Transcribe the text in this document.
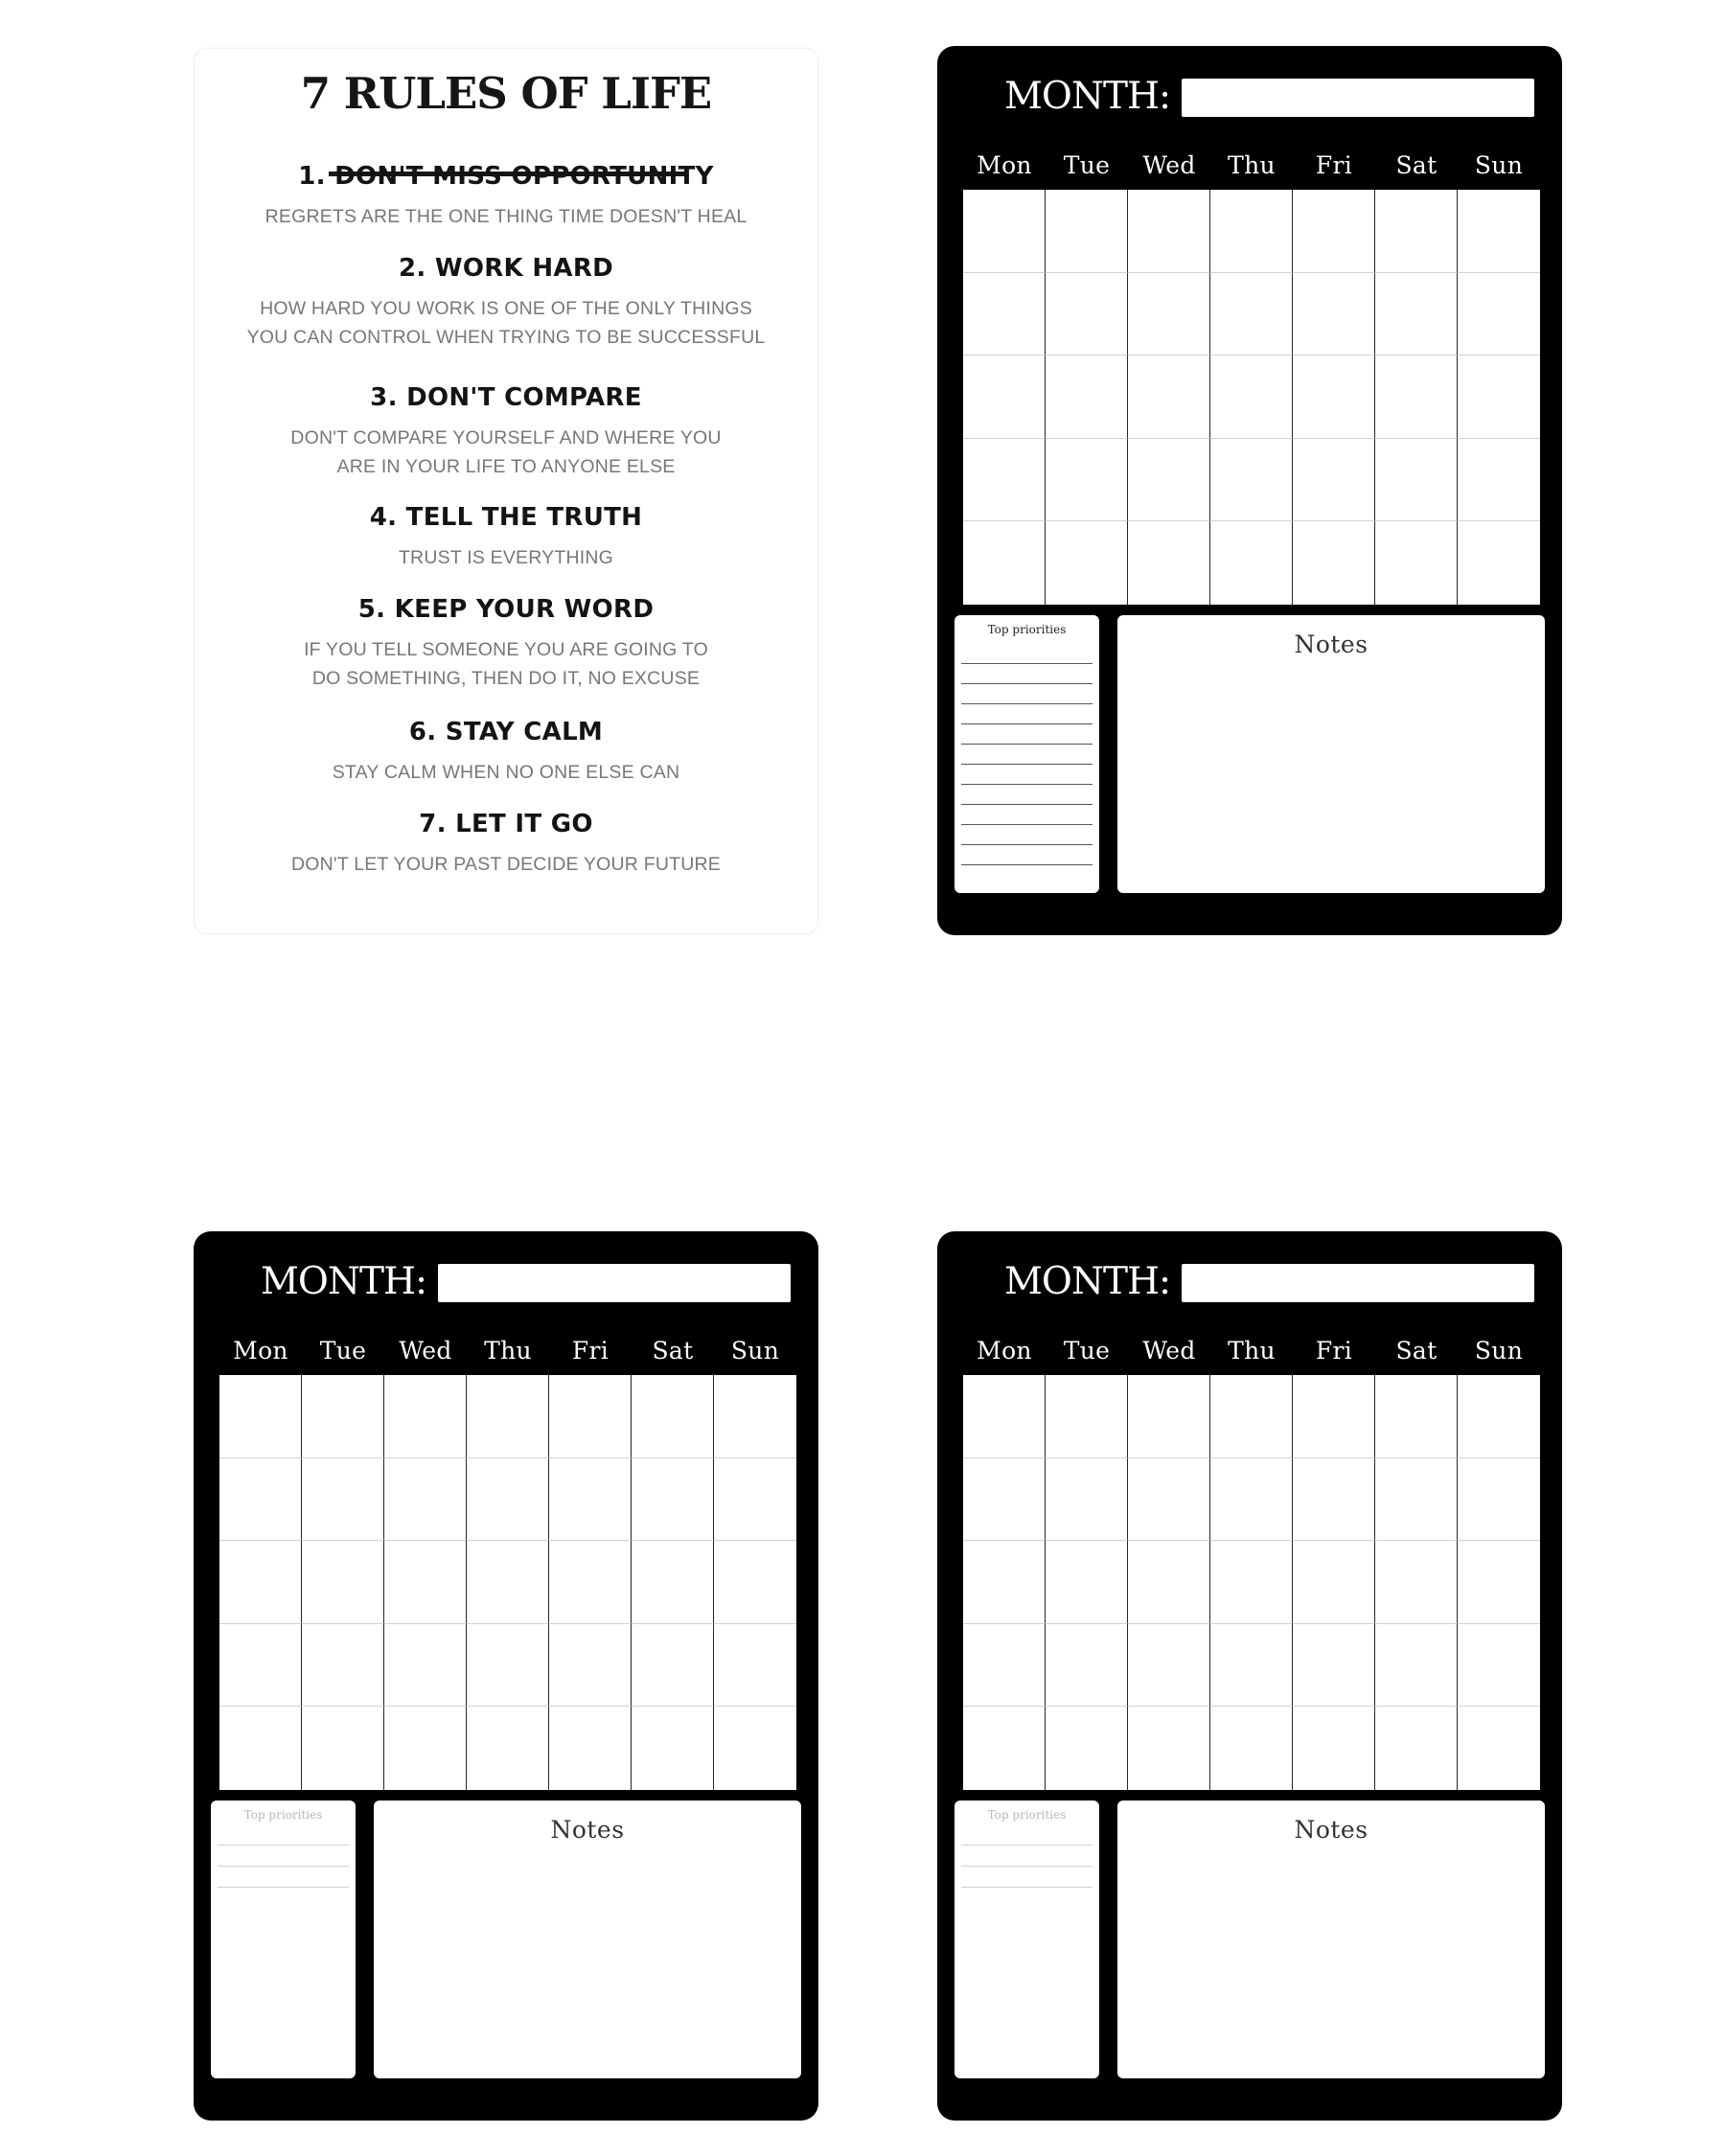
7 RULES OF LIFE

1. DON'T MISS OPPORTUNITY

REGRETS ARE THE ONE THING TIME DOESN'T HEAL

2. WORK HARD

HOW HARD YOU WORK IS ONE OF THE ONLY THINGS

YOU CAN CONTROL WHEN TRYING TO BE SUCCESSFUL

3. DON'T COMPARE

DON'T COMPARE YOURSELF AND WHERE YOU

ARE IN YOUR LIFE TO ANYONE ELSE

4. TELL THE TRUTH

TRUST IS EVERYTHING

5. KEEP YOUR WORD

IF YOU TELL SOMEONE YOU ARE GOING TO

DO SOMETHING, THEN DO IT, NO EXCUSE

6. STAY CALM

STAY CALM WHEN NO ONE ELSE CAN

7. LET IT GO

DON'T LET YOUR PAST DECIDE YOUR FUTURE

MONTH:
Mon	Tue	Wed	Thu	Fri	Sat	Sun
Top priorities
Notes
MONTH:
Mon	Tue	Wed	Thu	Fri	Sat	Sun
Top priorities
Notes
MONTH:
Mon	Tue	Wed	Thu	Fri	Sat	Sun
Top priorities
Notes
